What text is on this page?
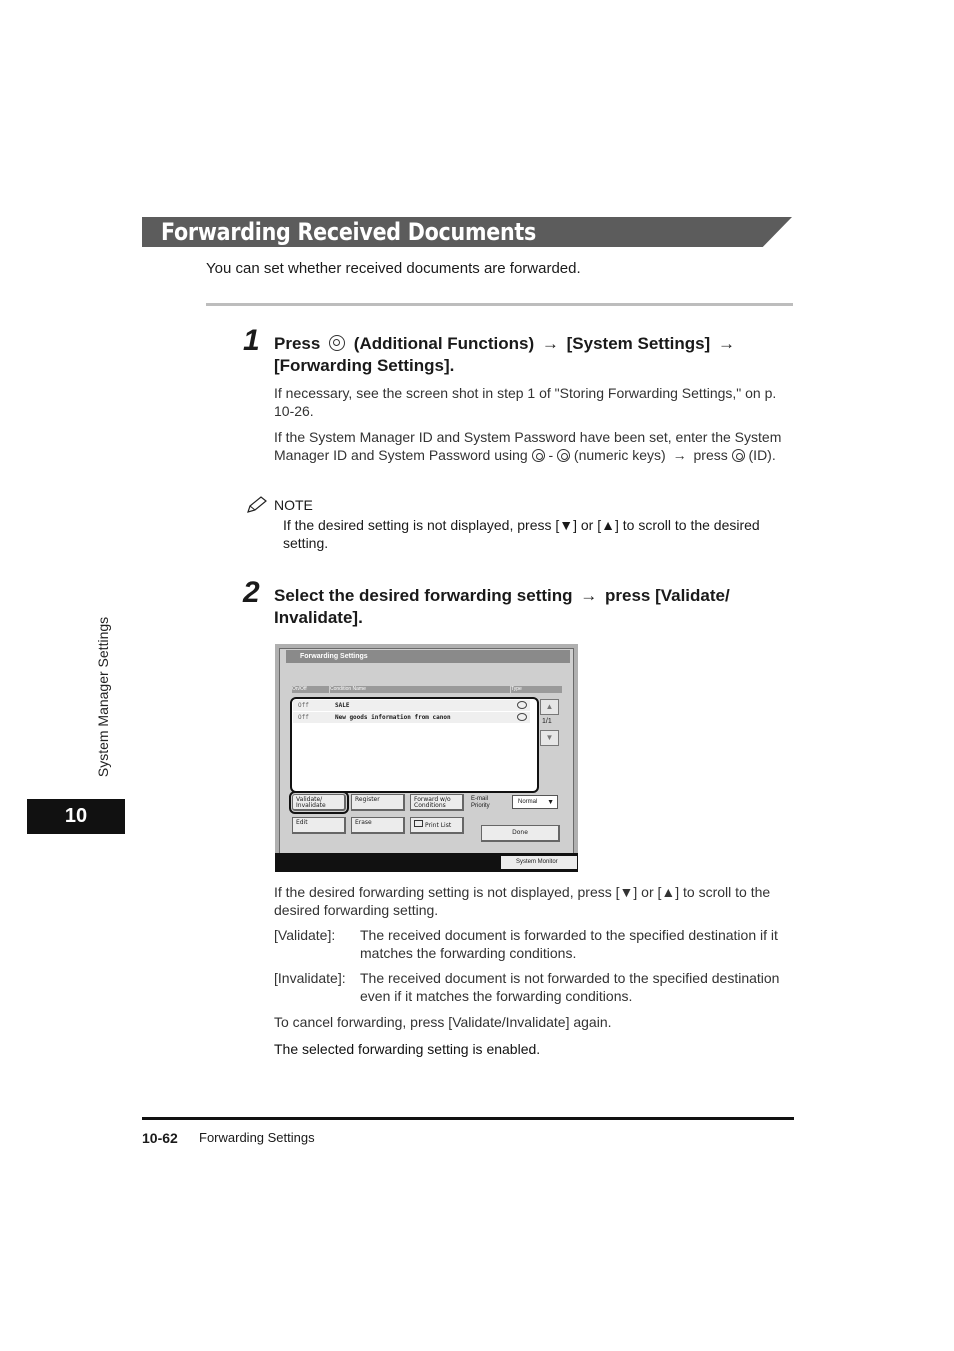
Forwarding Received Documents
You can set whether received documents are forwarded.
1 Press (Additional Functions) → [System Settings] →
[Forwarding Settings].
If necessary, see the screen shot in step 1 of "Storing Forwarding Settings," on p. 10-26.
If the System Manager ID and System Password have been set, enter the System Manager ID and System Password using - (numeric keys) → press (ID).
NOTE
If the desired setting is not displayed, press [▼] or [▲] to scroll to the desired setting.
2 Select the desired forwarding setting → press [Validate/ Invalidate].
Forwarding Settings
On/Off	Condition Name	Type
Off	SALE
Off	New goods information from canon
▲
1/1
▼
Validate/ Invalidate
Register	Forward w/o Conditions
E-mail Priority
Normal ▼
Edit	Erase	Print List
Done
System Monitor
If the desired forwarding setting is not displayed, press [▼] or [▲] to scroll to the desired forwarding setting.
[Validate]: The received document is forwarded to the specified destination if it matches the forwarding conditions.
[Invalidate]: The received document is not forwarded to the specified destination even if it matches the forwarding conditions.
To cancel forwarding, press [Validate/Invalidate] again.
The selected forwarding setting is enabled.
System Manager Settings
10
10-62 Forwarding Settings
